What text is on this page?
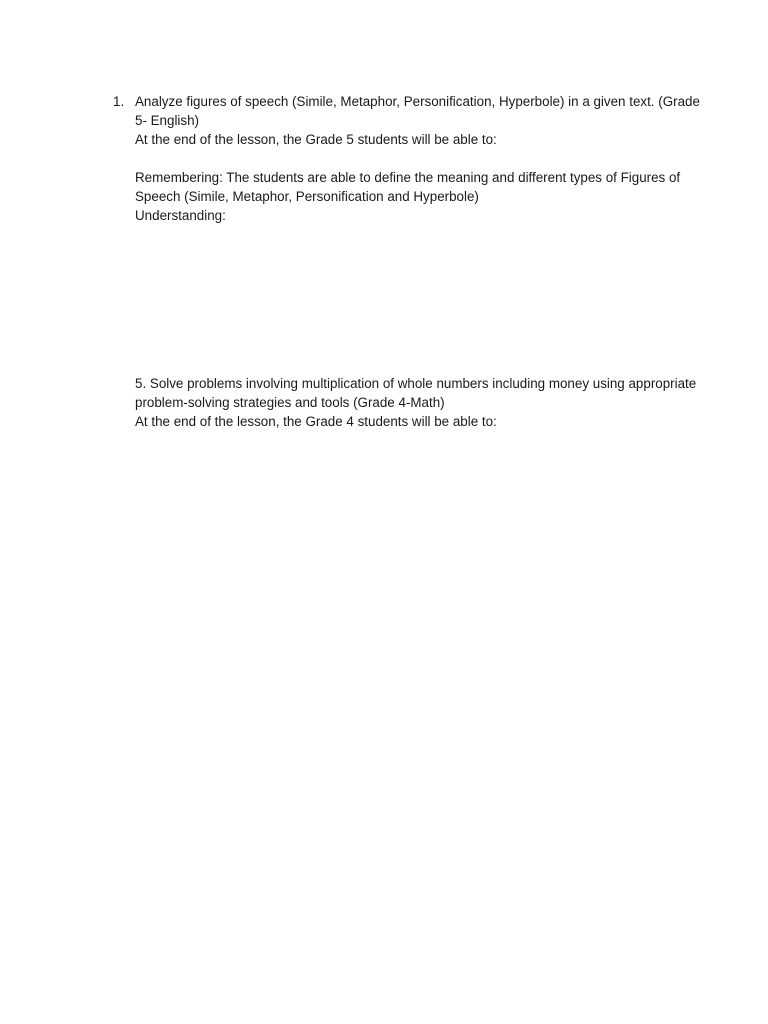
1. Analyze figures of speech (Simile, Metaphor, Personification, Hyperbole) in a given text. (Grade
5- English)
At the end of the lesson, the Grade 5 students will be able to:
Remembering: The students are able to define the meaning and different types of Figures of
Speech (Simile, Metaphor, Personification and Hyperbole)
Understanding:
5. Solve problems involving multiplication of whole numbers including money using appropriate
problem-solving strategies and tools (Grade 4-Math)
At the end of the lesson, the Grade 4 students will be able to:
